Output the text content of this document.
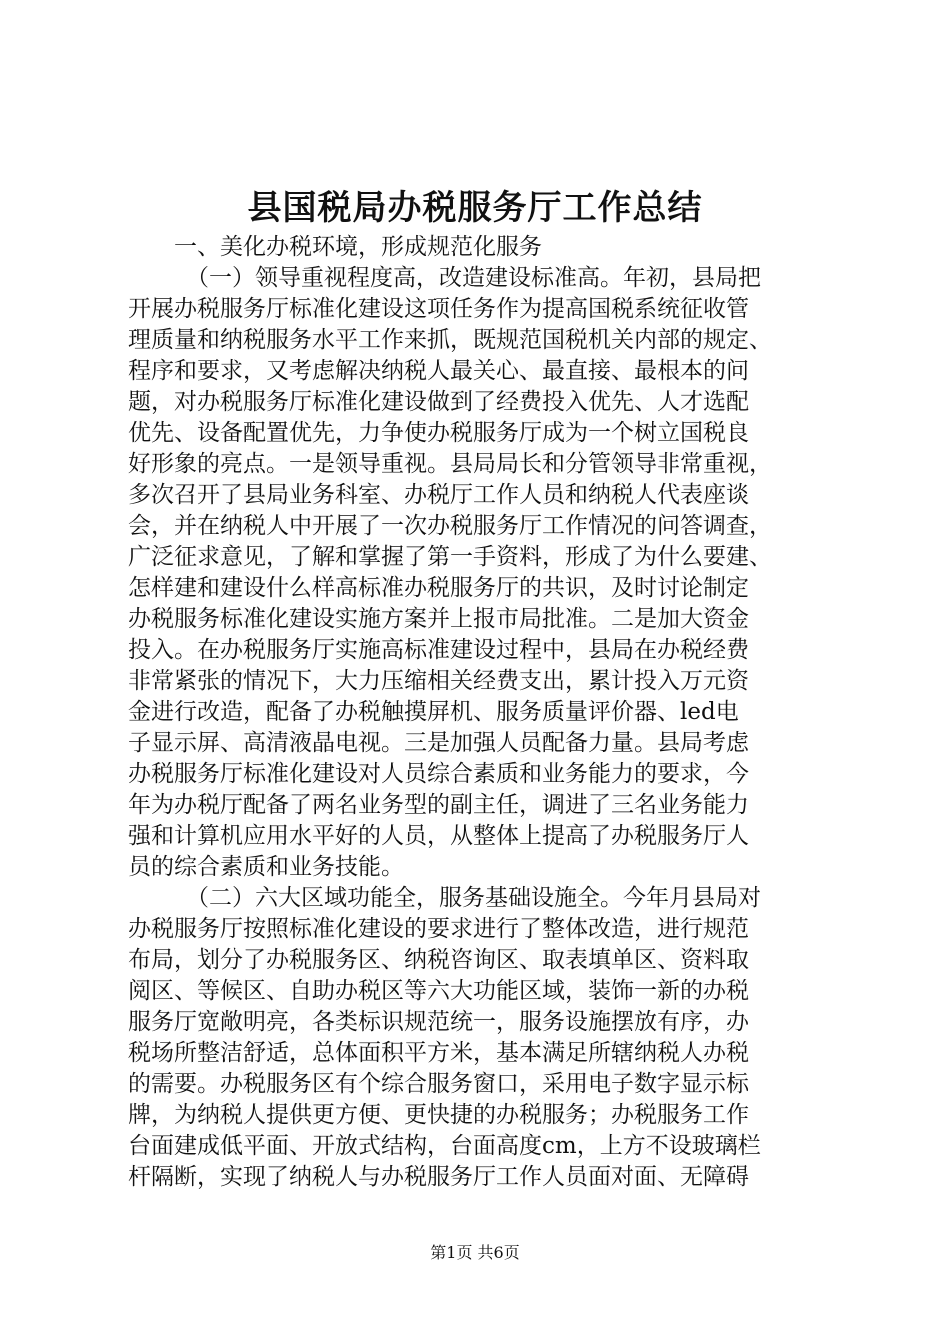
县国税局办税服务厅工作总结
一、美化办税环境，形成规范化服务
（一）领导重视程度高，改造建设标准高。年初，县局把
开展办税服务厅标准化建设这项任务作为提高国税系统征收管
理质量和纳税服务水平工作来抓，既规范国税机关内部的规定、
程序和要求，又考虑解决纳税人最关心、最直接、最根本的问
题，对办税服务厅标准化建设做到了经费投入优先、人才选配
优先、设备配置优先，力争使办税服务厅成为一个树立国税良
好形象的亮点。一是领导重视。县局局长和分管领导非常重视，
多次召开了县局业务科室、办税厅工作人员和纳税人代表座谈
会，并在纳税人中开展了一次办税服务厅工作情况的问答调查，
广泛征求意见，了解和掌握了第一手资料，形成了为什么要建、
怎样建和建设什么样高标准办税服务厅的共识，及时讨论制定
办税服务标准化建设实施方案并上报市局批准。二是加大资金
投入。在办税服务厅实施高标准建设过程中，县局在办税经费
非常紧张的情况下，大力压缩相关经费支出，累计投入万元资
金进行改造，配备了办税触摸屏机、服务质量评价器、led电
子显示屏、高清液晶电视。三是加强人员配备力量。县局考虑
办税服务厅标准化建设对人员综合素质和业务能力的要求，今
年为办税厅配备了两名业务型的副主任，调进了三名业务能力
强和计算机应用水平好的人员，从整体上提高了办税服务厅人
员的综合素质和业务技能。
（二）六大区域功能全，服务基础设施全。今年月县局对
办税服务厅按照标准化建设的要求进行了整体改造，进行规范
布局，划分了办税服务区、纳税咨询区、取表填单区、资料取
阅区、等候区、自助办税区等六大功能区域，装饰一新的办税
服务厅宽敞明亮，各类标识规范统一，服务设施摆放有序，办
税场所整洁舒适，总体面积平方米，基本满足所辖纳税人办税
的需要。办税服务区有个综合服务窗口，采用电子数字显示标
牌，为纳税人提供更方便、更快捷的办税服务；办税服务工作
台面建成低平面、开放式结构，台面高度cm，上方不设玻璃栏
杆隔断，实现了纳税人与办税服务厅工作人员面对面、无障碍
第1页 共6页
